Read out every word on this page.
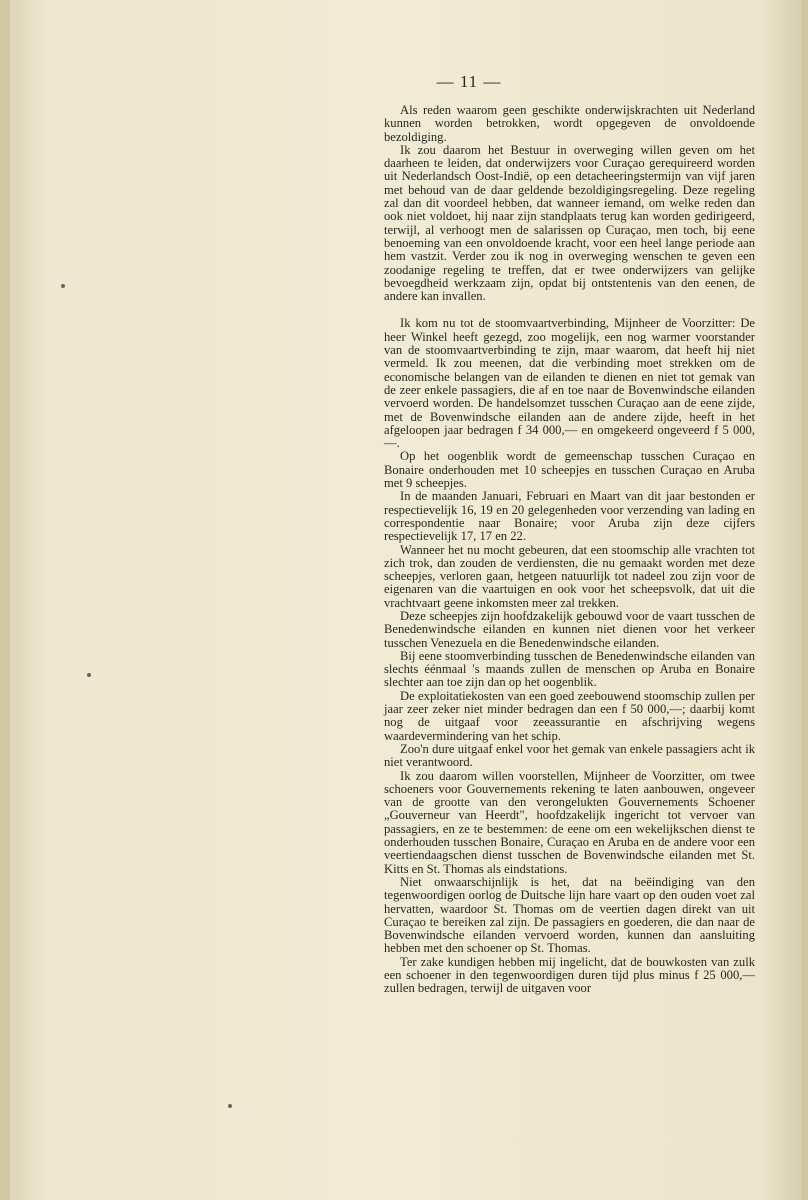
— 11 —

Als reden waarom geen geschikte onderwijskrachten uit Nederland kunnen worden betrokken, wordt opgegeven de onvoldoende bezoldiging.

Ik zou daarom het Bestuur in overweging willen geven om het daarheen te leiden, dat onderwijzers voor Curaçao gerequireerd worden uit Nederlandsch Oost-Indië, op een detacheeringstermijn van vijf jaren met behoud van de daar geldende bezoldigingsregeling. Deze regeling zal dan dit voordeel hebben, dat wanneer iemand, om welke reden dan ook niet voldoet, hij naar zijn standplaats terug kan worden gedirigeerd, terwijl, al verhoogt men de salarissen op Curaçao, men toch, bij eene benoeming van een onvoldoende kracht, voor een heel lange periode aan hem vastzit. Verder zou ik nog in overweging wenschen te geven een zoodanige regeling te treffen, dat er twee onderwijzers van gelijke bevoegdheid werkzaam zijn, opdat bij ontstentenis van den eenen, de andere kan invallen.

Ik kom nu tot de stoomvaartverbinding, Mijnheer de Voorzitter: De heer Winkel heeft gezegd, zoo mogelijk, een nog warmer voorstander van de stoomvaartverbinding te zijn, maar waarom, dat heeft hij niet vermeld. Ik zou meenen, dat die verbinding moet strekken om de economische belangen van de eilanden te dienen en niet tot gemak van de zeer enkele passagiers, die af en toe naar de Bovenwindsche eilanden vervoerd worden. De handelsomzet tusschen Curaçao aan de eene zijde, met de Bovenwindsche eilanden aan de andere zijde, heeft in het afgeloopen jaar bedragen f 34 000,— en omgekeerd ongeveerd f 5 000,—.

Op het oogenblik wordt de gemeenschap tusschen Curaçao en Bonaire onderhouden met 10 scheepjes en tusschen Curaçao en Aruba met 9 scheepjes.

In de maanden Januari, Februari en Maart van dit jaar bestonden er respectievelijk 16, 19 en 20 gelegenheden voor verzending van lading en correspondentie naar Bonaire; voor Aruba zijn deze cijfers respectievelijk 17, 17 en 22.

Wanneer het nu mocht gebeuren, dat een stoomschip alle vrachten tot zich trok, dan zouden de verdiensten, die nu gemaakt worden met deze scheepjes, verloren gaan, hetgeen natuurlijk tot nadeel zou zijn voor de eigenaren van die vaartuigen en ook voor het scheepsvolk, dat uit die vrachtvaart geene inkomsten meer zal trekken.

Deze scheepjes zijn hoofdzakelijk gebouwd voor de vaart tusschen de Benedenwindsche eilanden en kunnen niet dienen voor het verkeer tusschen Venezuela en die Benedenwindsche eilanden.

Bij eene stoomverbinding tusschen de Benedenwindsche eilanden van slechts éénmaal 's maands zullen de menschen op Aruba en Bonaire slechter aan toe zijn dan op het oogenblik.

De exploitatiekosten van een goed zeebouwend stoomschip zullen per jaar zeer zeker niet minder bedragen dan een f 50 000,—; daarbij komt nog de uitgaaf voor zeeassurantie en afschrijving wegens waardevermindering van het schip.

Zoo'n dure uitgaaf enkel voor het gemak van enkele passagiers acht ik niet verantwoord.

Ik zou daarom willen voorstellen, Mijnheer de Voorzitter, om twee schoeners voor Gouvernements rekening te laten aanbouwen, ongeveer van de grootte van den verongelukten Gouvernements Schoener „Gouverneur van Heerdt", hoofdzakelijk ingericht tot vervoer van passagiers, en ze te bestemmen: de eene om een wekelijkschen dienst te onderhouden tusschen Bonaire, Curaçao en Aruba en de andere voor een veertiendaagschen dienst tusschen de Bovenwindsche eilanden met St. Kitts en St. Thomas als eindstations.

Niet onwaarschijnlijk is het, dat na beëindiging van den tegenwoordigen oorlog de Duitsche lijn hare vaart op den ouden voet zal hervatten, waardoor St. Thomas om de veertien dagen direkt van uit Curaçao te bereiken zal zijn. De passagiers en goederen, die dan naar de Bovenwindsche eilanden vervoerd worden, kunnen dan aansluiting hebben met den schoener op St. Thomas.

Ter zake kundigen hebben mij ingelicht, dat de bouwkosten van zulk een schoener in den tegenwoordigen duren tijd plus minus f 25 000,— zullen bedragen, terwijl de uitgaven voor
